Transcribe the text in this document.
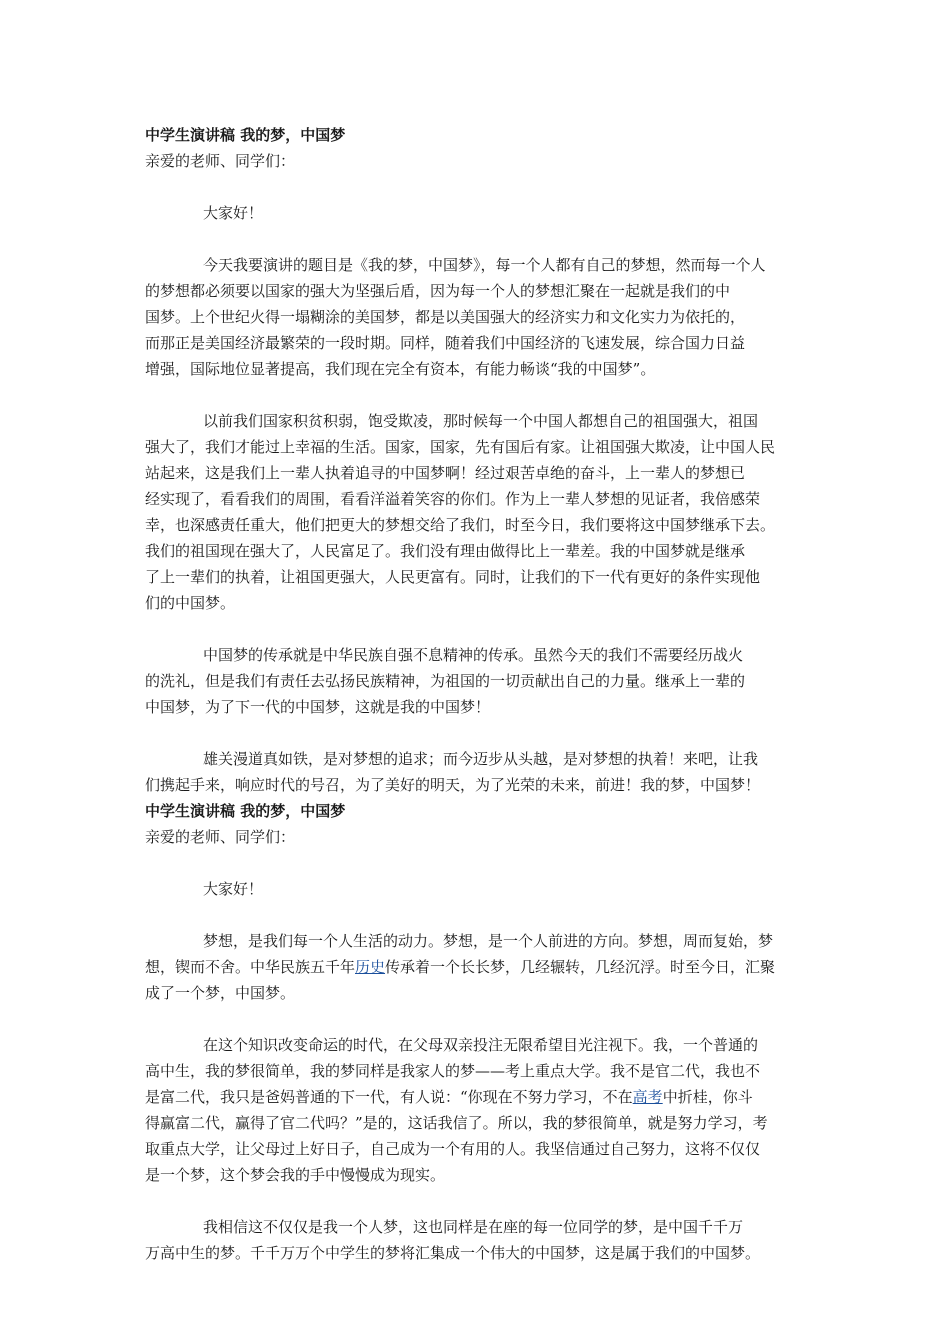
中学生演讲稿 我的梦，中国梦
亲爱的老师、同学们：
大家好！
今天我要演讲的题目是《我的梦，中国梦》，每一个人都有自己的梦想，然而每一个人
的梦想都必须要以国家的强大为坚强后盾，因为每一个人的梦想汇聚在一起就是我们的中
国梦。上个世纪火得一塌糊涂的美国梦，都是以美国强大的经济实力和文化实力为依托的，
而那正是美国经济最繁荣的一段时期。同样，随着我们中国经济的飞速发展，综合国力日益
增强，国际地位显著提高，我们现在完全有资本，有能力畅谈“我的中国梦”。
以前我们国家积贫积弱，饱受欺凌，那时候每一个中国人都想自己的祖国强大，祖国
强大了，我们才能过上幸福的生活。国家，国家，先有国后有家。让祖国强大欺凌，让中国人民
站起来，这是我们上一辈人执着追寻的中国梦啊！经过艰苦卓绝的奋斗，上一辈人的梦想已
经实现了，看看我们的周围，看看洋溢着笑容的你们。作为上一辈人梦想的见证者，我倍感荣
幸，也深感责任重大，他们把更大的梦想交给了我们，时至今日，我们要将这中国梦继承下去。
我们的祖国现在强大了，人民富足了。我们没有理由做得比上一辈差。我的中国梦就是继承
了上一辈们的执着，让祖国更强大，人民更富有。同时，让我们的下一代有更好的条件实现他
们的中国梦。
中国梦的传承就是中华民族自强不息精神的传承。虽然今天的我们不需要经历战火
的洗礼，但是我们有责任去弘扬民族精神，为祖国的一切贡献出自己的力量。继承上一辈的
中国梦，为了下一代的中国梦，这就是我的中国梦！
雄关漫道真如铁，是对梦想的追求；而今迈步从头越，是对梦想的执着！来吧，让我
们携起手来，响应时代的号召，为了美好的明天，为了光荣的未来，前进！我的梦，中国梦！
中学生演讲稿 我的梦，中国梦
亲爱的老师、同学们：
大家好！
梦想，是我们每一个人生活的动力。梦想，是一个人前进的方向。梦想，周而复始，梦
想，锲而不舍。中华民族五千年历史传承着一个长长梦，几经辗转，几经沉浮。时至今日，汇聚
成了一个梦，中国梦。
在这个知识改变命运的时代，在父母双亲投注无限希望目光注视下。我，一个普通的
高中生，我的梦很简单，我的梦同样是我家人的梦——考上重点大学。我不是官二代，我也不
是富二代，我只是爸妈普通的下一代，有人说：“你现在不努力学习，不在高考中折桂，你斗
得赢富二代，赢得了官二代吗？”是的，这话我信了。所以，我的梦很简单，就是努力学习，考
取重点大学，让父母过上好日子，自己成为一个有用的人。我坚信通过自己努力，这将不仅仅
是一个梦，这个梦会我的手中慢慢成为现实。
我相信这不仅仅是我一个人梦，这也同样是在座的每一位同学的梦，是中国千千万
万高中生的梦。千千万万个中学生的梦将汇集成一个伟大的中国梦，这是属于我们的中国梦。
